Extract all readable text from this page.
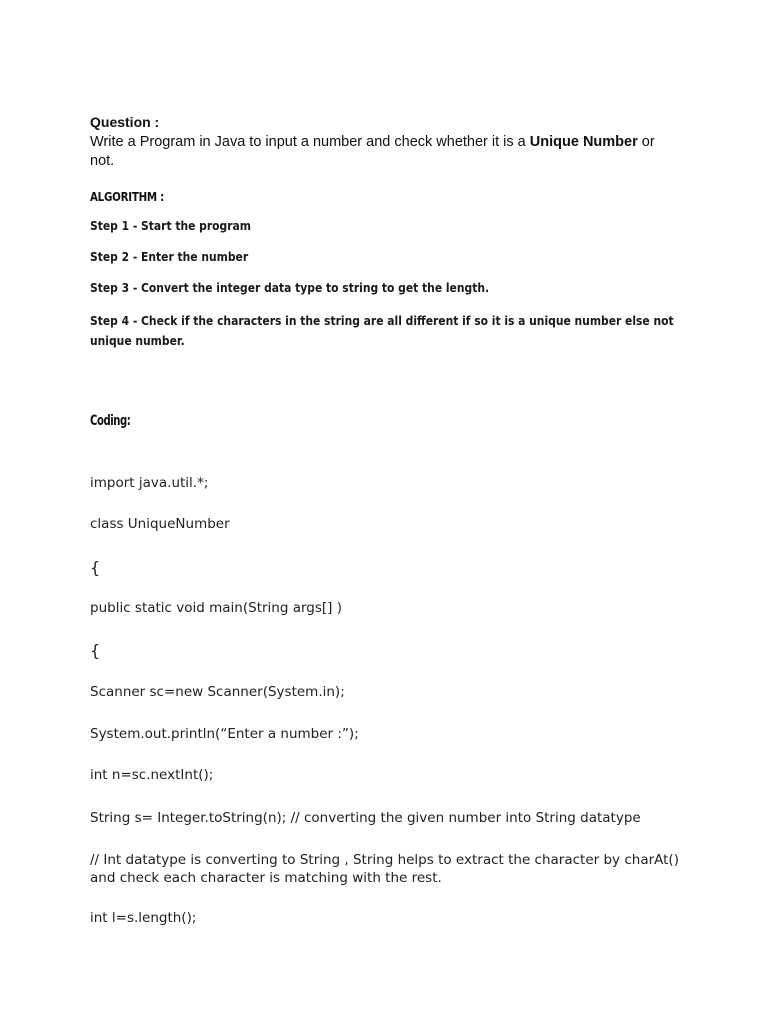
Question :
Write a Program in Java to input a number and check whether it is a Unique Number or not.
ALGORITHM :
Step 1 - Start the program
Step 2 - Enter the number
Step 3 - Convert the integer data type to string to get the length.
Step 4 - Check if the characters in the string are all different if so it is a unique number else not unique number.
Coding:
import java.util.*;
class UniqueNumber
{
public static void main(String args[] )
{
Scanner sc=new Scanner(System.in);
System.out.println(“Enter a number :”);
int n=sc.nextInt();
String s= Integer.toString(n); // converting the given number into String datatype
// Int datatype is converting to String , String helps to extract the character by charAt() and check each character is matching with the rest.
int l=s.length();
